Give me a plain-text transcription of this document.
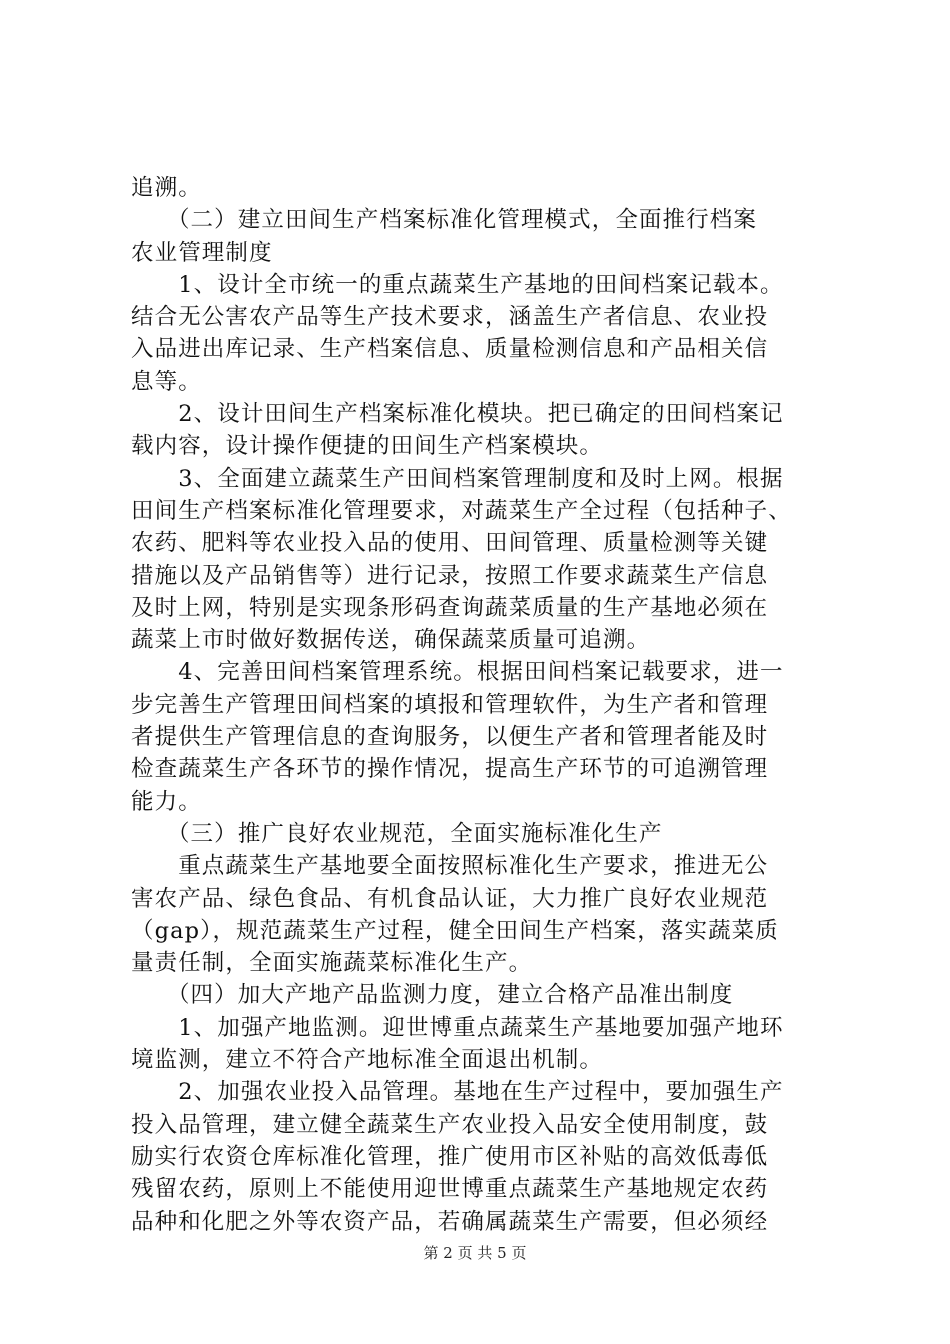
追溯。
　　（二）建立田间生产档案标准化管理模式，全面推行档案
农业管理制度
　　1、设计全市统一的重点蔬菜生产基地的田间档案记载本。
结合无公害农产品等生产技术要求，涵盖生产者信息、农业投
入品进出库记录、生产档案信息、质量检测信息和产品相关信
息等。
　　2、设计田间生产档案标准化模块。把已确定的田间档案记
载内容，设计操作便捷的田间生产档案模块。
　　3、全面建立蔬菜生产田间档案管理制度和及时上网。根据
田间生产档案标准化管理要求，对蔬菜生产全过程（包括种子、
农药、肥料等农业投入品的使用、田间管理、质量检测等关键
措施以及产品销售等）进行记录，按照工作要求蔬菜生产信息
及时上网，特别是实现条形码查询蔬菜质量的生产基地必须在
蔬菜上市时做好数据传送，确保蔬菜质量可追溯。
　　4、完善田间档案管理系统。根据田间档案记载要求，进一
步完善生产管理田间档案的填报和管理软件，为生产者和管理
者提供生产管理信息的查询服务，以便生产者和管理者能及时
检查蔬菜生产各环节的操作情况，提高生产环节的可追溯管理
能力。
　　（三）推广良好农业规范，全面实施标准化生产
　　重点蔬菜生产基地要全面按照标准化生产要求，推进无公
害农产品、绿色食品、有机食品认证，大力推广良好农业规范
（gap），规范蔬菜生产过程，健全田间生产档案，落实蔬菜质
量责任制，全面实施蔬菜标准化生产。
　　（四）加大产地产品监测力度，建立合格产品准出制度
　　1、加强产地监测。迎世博重点蔬菜生产基地要加强产地环
境监测，建立不符合产地标准全面退出机制。
　　2、加强农业投入品管理。基地在生产过程中，要加强生产
投入品管理，建立健全蔬菜生产农业投入品安全使用制度，鼓
励实行农资仓库标准化管理，推广使用市区补贴的高效低毒低
残留农药，原则上不能使用迎世博重点蔬菜生产基地规定农药
品种和化肥之外等农资产品，若确属蔬菜生产需要，但必须经
第 2 页 共 5 页
